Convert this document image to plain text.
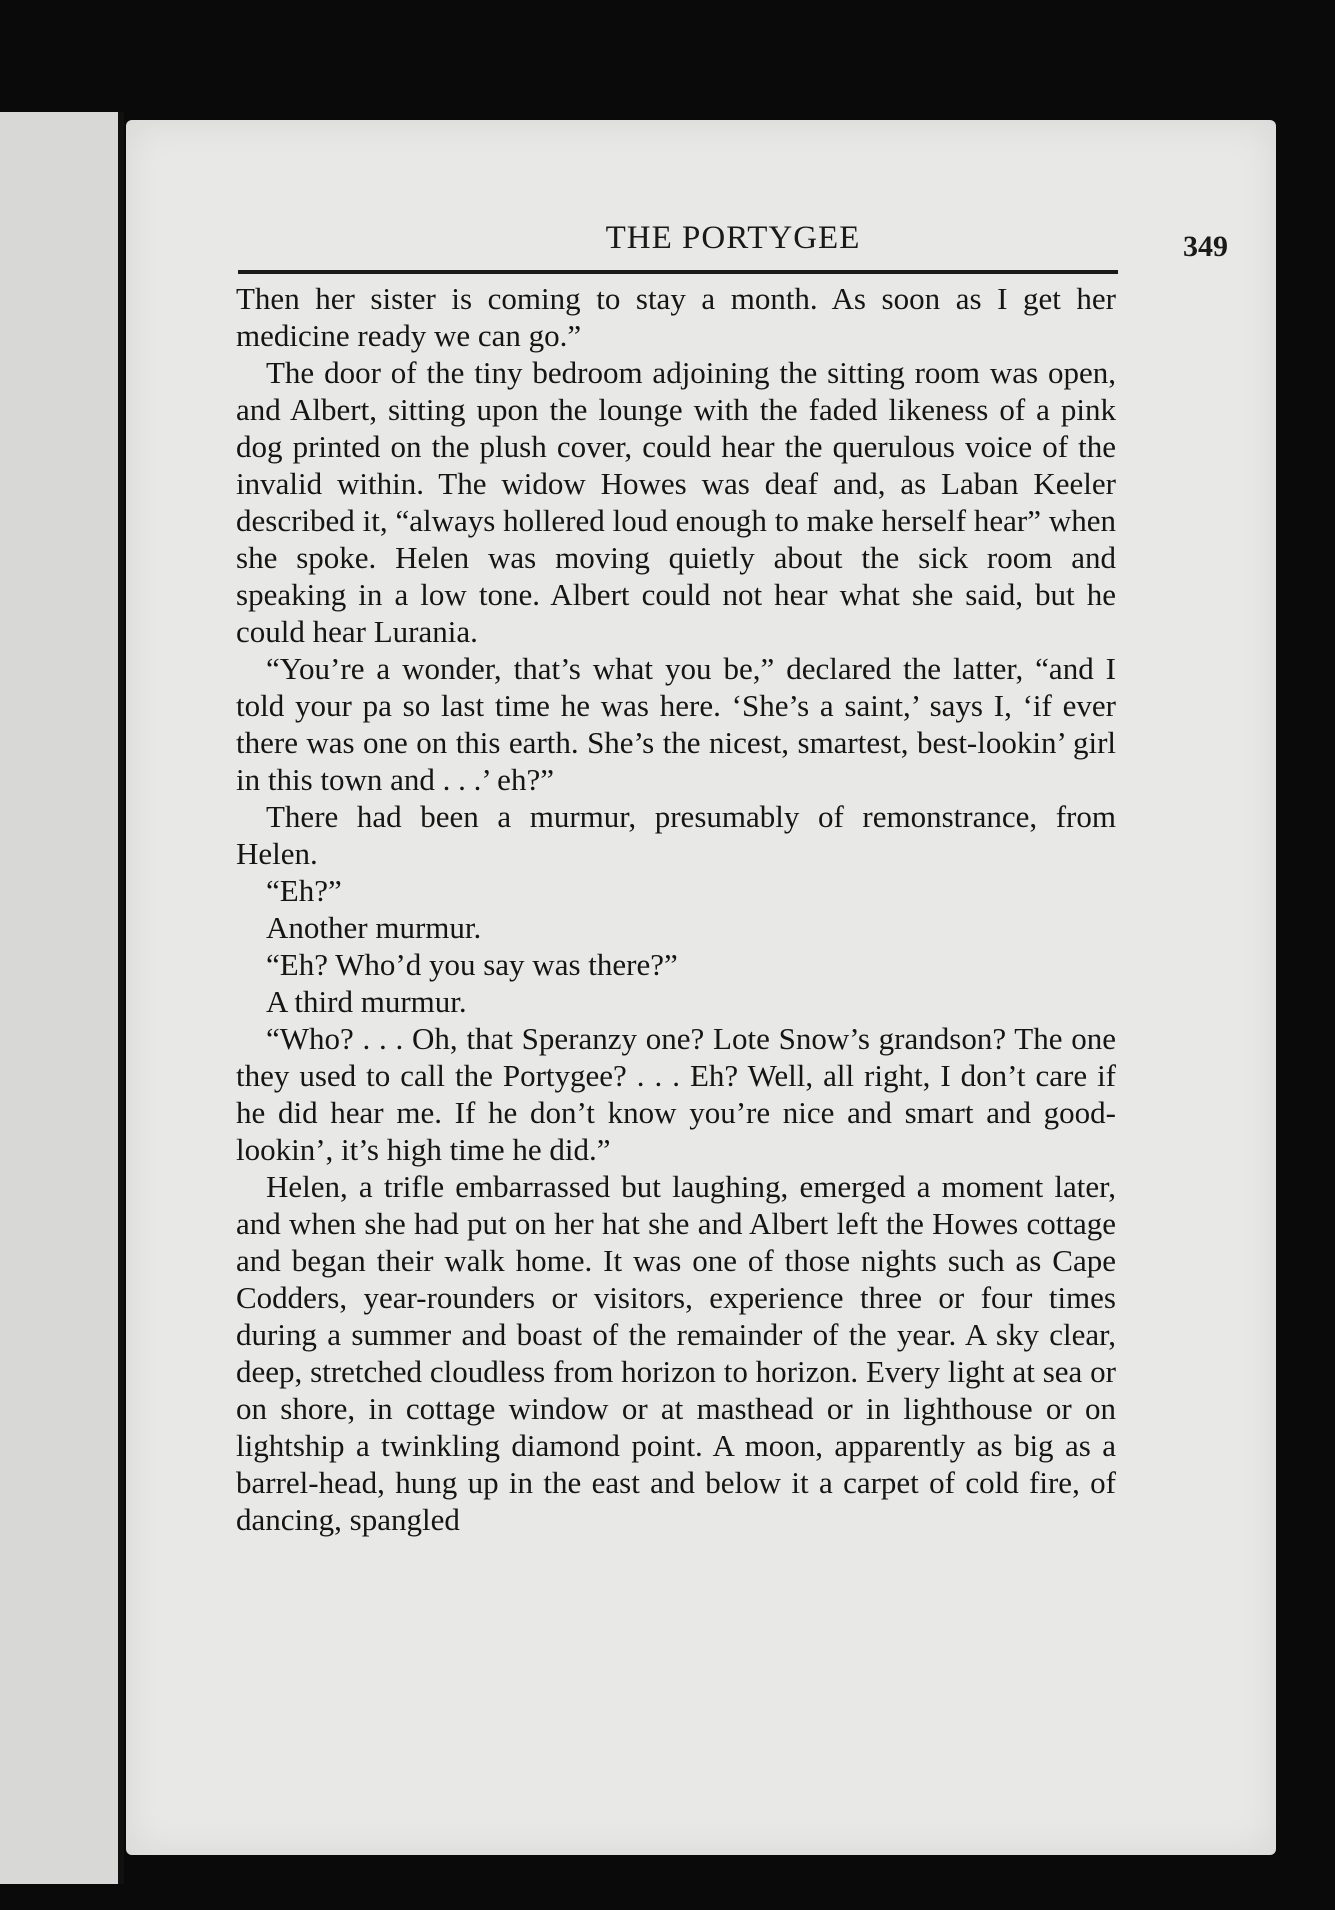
THE PORTYGEE	349

Then her sister is coming to stay a month. As soon as I get her medicine ready we can go.”

The door of the tiny bedroom adjoining the sitting room was open, and Albert, sitting upon the lounge with the faded likeness of a pink dog printed on the plush cover, could hear the querulous voice of the invalid within. The widow Howes was deaf and, as Laban Keeler described it, “always hollered loud enough to make herself hear” when she spoke. Helen was moving quietly about the sick room and speaking in a low tone. Albert could not hear what she said, but he could hear Lurania.

“You’re a wonder, that’s what you be,” declared the latter, “and I told your pa so last time he was here. ‘She’s a saint,’ says I, ‘if ever there was one on this earth. She’s the nicest, smartest, best-lookin’ girl in this town and . . .’ eh?”

There had been a murmur, presumably of remonstrance, from Helen.

“Eh?”

Another murmur.

“Eh? Who’d you say was there?”

A third murmur.

“Who? . . . Oh, that Speranzy one? Lote Snow’s grandson? The one they used to call the Portygee? . . . Eh? Well, all right, I don’t care if he did hear me. If he don’t know you’re nice and smart and good-lookin’, it’s high time he did.”

Helen, a trifle embarrassed but laughing, emerged a moment later, and when she had put on her hat she and Albert left the Howes cottage and began their walk home. It was one of those nights such as Cape Codders, year-rounders or visitors, experience three or four times during a summer and boast of the remainder of the year. A sky clear, deep, stretched cloudless from horizon to horizon. Every light at sea or on shore, in cottage window or at masthead or in lighthouse or on lightship a twinkling diamond point. A moon, apparently as big as a barrel-head, hung up in the east and below it a carpet of cold fire, of dancing, spangled
